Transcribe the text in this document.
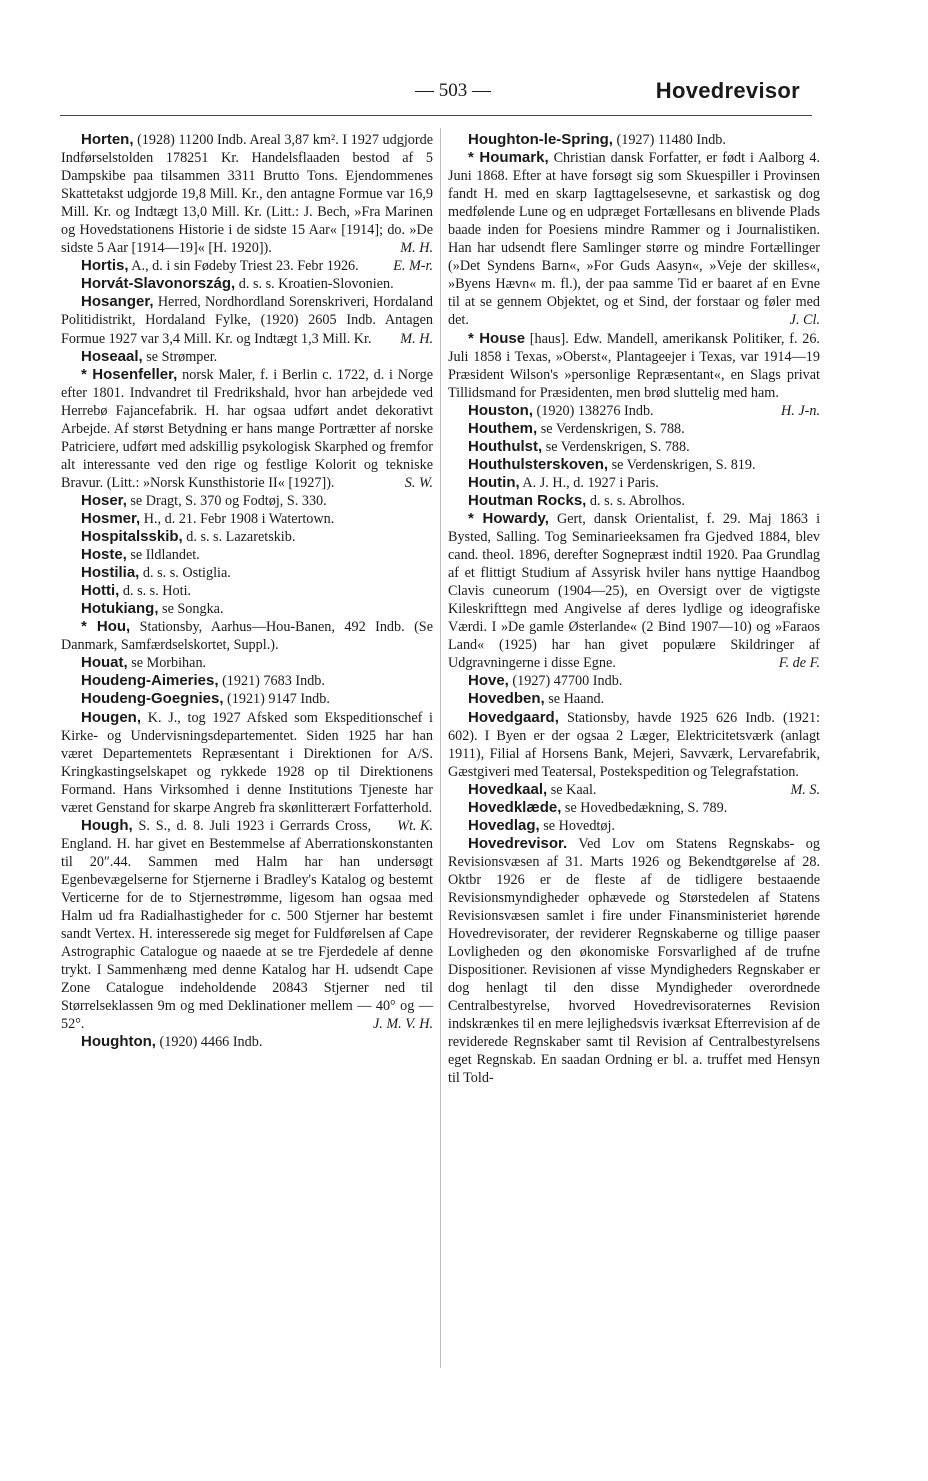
— 503 —	Hovedrevisor

Horten, (1928) 11200 Indb. Areal 3,87 km². I 1927 udgjorde Indførselstolden 178251 Kr. Handelsflaaden bestod af 5 Dampskibe paa tilsammen 3311 Brutto Tons. Ejendommenes Skattetakst udgjorde 19,8 Mill. Kr., den antagne Formue var 16,9 Mill. Kr. og Indtægt 13,0 Mill. Kr. (Litt.: J. Bech, »Fra Marinen og Hovedstationens Historie i de sidste 15 Aar« [1914]; do. »De sidste 5 Aar [1914—19]« [H. 1920]).	M. H.

Hortis, A., d. i sin Fødeby Triest 23. Febr 1926.	E. M-r.

Horvát-Slavonország, d. s. s. Kroatien-Slovonien.

Hosanger, Herred, Nordhordland Sorenskriveri, Hordaland Politidistrikt, Hordaland Fylke, (1920) 2605 Indb. Antagen Formue 1927 var 3,4 Mill. Kr. og Indtægt 1,3 Mill. Kr.	M. H.

Hoseaal, se Strømper.

* Hosenfeller, norsk Maler, f. i Berlin c. 1722, d. i Norge efter 1801. Indvandret til Fredrikshald, hvor han arbejdede ved Herrebø Fajancefabrik. H. har ogsaa udført andet dekorativt Arbejde. Af størst Betydning er hans mange Portrætter af norske Patriciere, udført med adskillig psykologisk Skarphed og fremfor alt interessante ved den rige og festlige Kolorit og tekniske Bravur. (Litt.: »Norsk Kunsthistorie II« [1927]).	S. W.

Hoser, se Dragt, S. 370 og Fodtøj, S. 330.

Hosmer, H., d. 21. Febr 1908 i Watertown.

Hospitalsskib, d. s. s. Lazaretskib.

Hoste, se Ildlandet.

Hostilia, d. s. s. Ostiglia.

Hotti, d. s. s. Hoti.

Hotukiang, se Songka.

* Hou, Stationsby, Aarhus—Hou-Banen, 492 Indb. (Se Danmark, Samfærdselskortet, Suppl.).

Houat, se Morbihan.

Houdeng-Aimeries, (1921) 7683 Indb.

Houdeng-Goegnies, (1921) 9147 Indb.

Hougen, K. J., tog 1927 Afsked som Ekspeditionschef i Kirke- og Undervisningsdepartementet. Siden 1925 har han været Departementets Repræsentant i Direktionen for A/S. Kringkastingselskapet og rykkede 1928 op til Direktionens Formand. Hans Virksomhed i denne Institutions Tjeneste har været Genstand for skarpe Angreb fra skønlitterært Forfatterhold.
Wt. K.

Hough, S. S., d. 8. Juli 1923 i Gerrards Cross, England. H. har givet en Bestemmelse af Aberrationskonstanten til 20″.44. Sammen med Halm har han undersøgt Egenbevægelserne for Stjernerne i Bradley's Katalog og bestemt Verticerne for de to Stjernestrømme, ligesom han ogsaa med Halm ud fra Radialhastigheder for c. 500 Stjerner har bestemt sandt Vertex. H. interesserede sig meget for Fuldførelsen af Cape Astrographic Catalogue og naaede at se tre Fjerdedele af denne trykt. I Sammenhæng med denne Katalog har H. udsendt Cape Zone Catalogue indeholdende 20843 Stjerner ned til Størrelseklassen 9m og med Deklinationer mellem — 40° og — 52°.	J. M. V. H.

Houghton, (1920) 4466 Indb.

Houghton-le-Spring, (1927) 11480 Indb.

* Houmark, Christian dansk Forfatter, er født i Aalborg 4. Juni 1868. Efter at have forsøgt sig som Skuespiller i Provinsen fandt H. med en skarp Iagttagelsesevne, et sarkastisk og dog medfølende Lune og en udpræget Fortællesans en blivende Plads baade inden for Poesiens mindre Rammer og i Journalistiken. Han har udsendt flere Samlinger større og mindre Fortællinger (»Det Syndens Barn«, »For Guds Aasyn«, »Veje der skilles«, »Byens Hævn« m. fl.), der paa samme Tid er baaret af en Evne til at se gennem Objektet, og et Sind, der forstaar og føler med det.	J. Cl.

* House [haus]. Edw. Mandell, amerikansk Politiker, f. 26. Juli 1858 i Texas, »Oberst«, Plantageejer i Texas, var 1914—19 Præsident Wilson's »personlige Repræsentant«, en Slags privat Tillidsmand for Præsidenten, men brød sluttelig med ham.
H. J-n.

Houston, (1920) 138276 Indb.

Houthem, se Verdenskrigen, S. 788.

Houthulst, se Verdenskrigen, S. 788.

Houthulsterskoven, se Verdenskrigen, S. 819.

Houtin, A. J. H., d. 1927 i Paris.

Houtman Rocks, d. s. s. Abrolhos.

* Howardy, Gert, dansk Orientalist, f. 29. Maj 1863 i Bysted, Salling. Tog Seminarieeksamen fra Gjedved 1884, blev cand. theol. 1896, derefter Sognepræst indtil 1920. Paa Grundlag af et flittigt Studium af Assyrisk hviler hans nyttige Haandbog Clavis cuneorum (1904—25), en Oversigt over de vigtigste Kileskrifttegn med Angivelse af deres lydlige og ideografiske Værdi. I »De gamle Østerlande« (2 Bind 1907—10) og »Faraos Land« (1925) har han givet populære Skildringer af Udgravningerne i disse Egne.	F. de F.

Hove, (1927) 47700 Indb.

Hovedben, se Haand.

Hovedgaard, Stationsby, havde 1925 626 Indb. (1921: 602). I Byen er der ogsaa 2 Læger, Elektricitetsværk (anlagt 1911), Filial af Horsens Bank, Mejeri, Savværk, Lervarefabrik, Gæstgiveri med Teatersal, Postekspedition og Telegrafstation.
M. S.

Hovedkaal, se Kaal.

Hovedklæde, se Hovedbedækning, S. 789.

Hovedlag, se Hovedtøj.

Hovedrevisor. Ved Lov om Statens Regnskabs- og Revisionsvæsen af 31. Marts 1926 og Bekendtgørelse af 28. Oktbr 1926 er de fleste af de tidligere bestaaende Revisionsmyndigheder ophævede og Størstedelen af Statens Revisionsvæsen samlet i fire under Finansministeriet hørende Hovedrevisorater, der reviderer Regnskaberne og tillige paaser Lovligheden og den økonomiske Forsvarlighed af de trufne Dispositioner. Revisionen af visse Myndigheders Regnskaber er dog henlagt til den disse Myndigheder overordnede Centralbestyrelse, hvorved Hovedrevisoraternes Revision indskrænkes til en mere lejlighedsvis iværksat Efterrevision af de reviderede Regnskaber samt til Revision af Centralbestyrelsens eget Regnskab. En saadan Ordning er bl. a. truffet med Hensyn til Told-
